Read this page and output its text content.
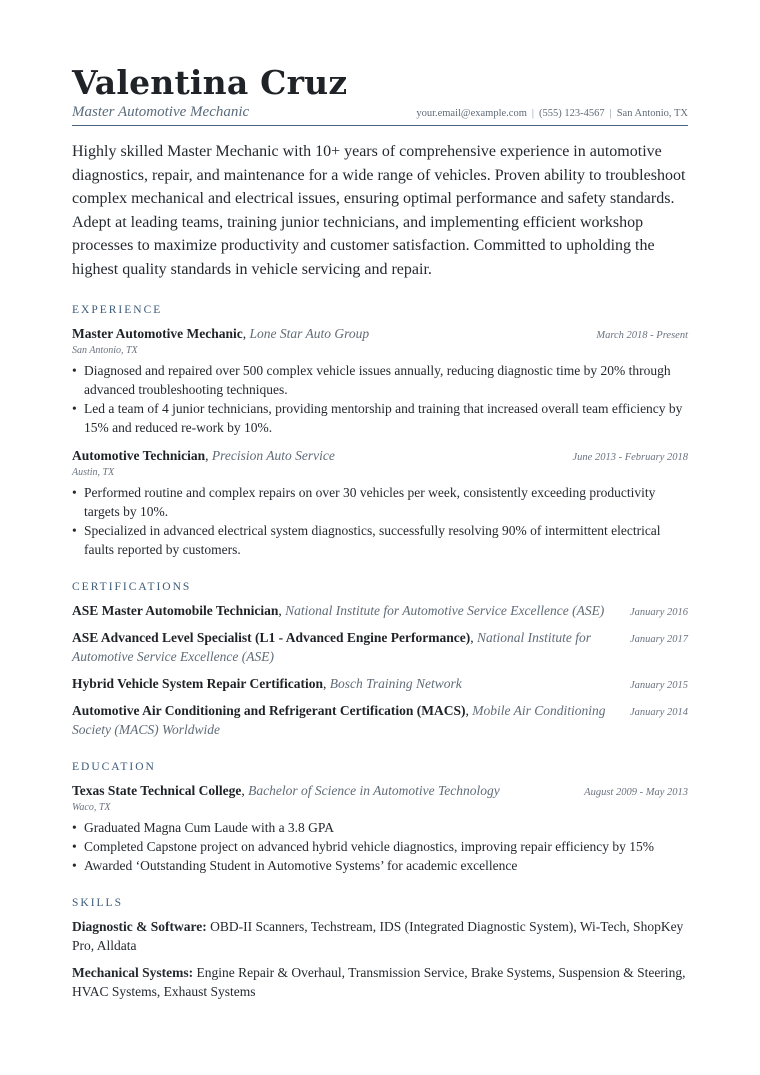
Valentina Cruz
Master Automotive Mechanic	your.email@example.com | (555) 123-4567 | San Antonio, TX

Highly skilled Master Mechanic with 10+ years of comprehensive experience in automotive diagnostics, repair, and maintenance for a wide range of vehicles. Proven ability to troubleshoot complex mechanical and electrical issues, ensuring optimal performance and safety standards. Adept at leading teams, training junior technicians, and implementing efficient workshop processes to maximize productivity and customer satisfaction. Committed to upholding the highest quality standards in vehicle servicing and repair.

EXPERIENCE
Master Automotive Mechanic, Lone Star Auto Group	March 2018 - Present
San Antonio, TX
• Diagnosed and repaired over 500 complex vehicle issues annually, reducing diagnostic time by 20% through advanced troubleshooting techniques.
• Led a team of 4 junior technicians, providing mentorship and training that increased overall team efficiency by 15% and reduced re-work by 10%.
Automotive Technician, Precision Auto Service	June 2013 - February 2018
Austin, TX
• Performed routine and complex repairs on over 30 vehicles per week, consistently exceeding productivity targets by 10%.
• Specialized in advanced electrical system diagnostics, successfully resolving 90% of intermittent electrical faults reported by customers.
CERTIFICATIONS
ASE Master Automobile Technician, National Institute for Automotive Service Excellence (ASE) January 2016
ASE Advanced Level Specialist (L1 - Advanced Engine Performance), National Institute for Automotive Service Excellence (ASE)
January 2017
Hybrid Vehicle System Repair Certification, Bosch Training Network	January 2015
Automotive Air Conditioning and Refrigerant Certification (MACS), Mobile Air Conditioning Society (MACS) Worldwide
January 2014
EDUCATION
Texas State Technical College, Bachelor of Science in Automotive Technology	August 2009 - May 2013
Waco, TX
• Graduated Magna Cum Laude with a 3.8 GPA
• Completed Capstone project on advanced hybrid vehicle diagnostics, improving repair efficiency by 15%
• Awarded ‘Outstanding Student in Automotive Systems’ for academic excellence
SKILLS
Diagnostic & Software: OBD-II Scanners, Techstream, IDS (Integrated Diagnostic System), Wi-Tech, ShopKey Pro, Alldata
Mechanical Systems: Engine Repair & Overhaul, Transmission Service, Brake Systems, Suspension & Steering, HVAC Systems, Exhaust Systems
